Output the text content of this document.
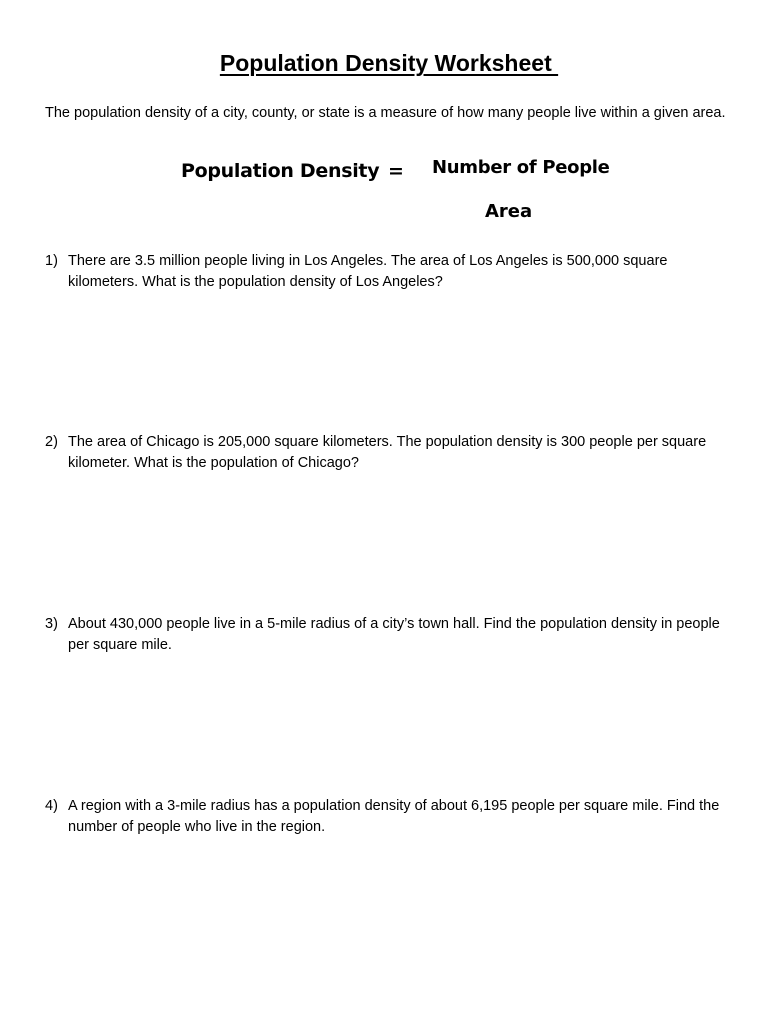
Population Density Worksheet
The population density of a city, county, or state is a measure of how many people live within a given area.
Population Density = Number of People
Area
1) There are 3.5 million people living in Los Angeles. The area of Los Angeles is 500,000 square kilometers. What is the population density of Los Angeles?
2) The area of Chicago is 205,000 square kilometers. The population density is 300 people per square kilometer. What is the population of Chicago?
3) About 430,000 people live in a 5-mile radius of a city’s town hall. Find the population density in people per square mile.
4) A region with a 3-mile radius has a population density of about 6,195 people per square mile. Find the number of people who live in the region.
